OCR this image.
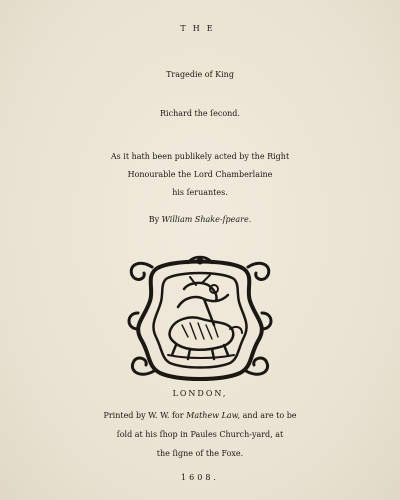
THE
Tragedie of King
Richard the ſecond.
As it hath been publikely acted by the Right
Honourable the Lord Chamberlaine
his ſeruantes.
By William Shake-ſpeare.
LONDON,
Printed by W. W. for Mathew Law, and are to be
ſold at his ſhop in Paules Church-yard, at
the ſigne of the Foxe.
1608.
